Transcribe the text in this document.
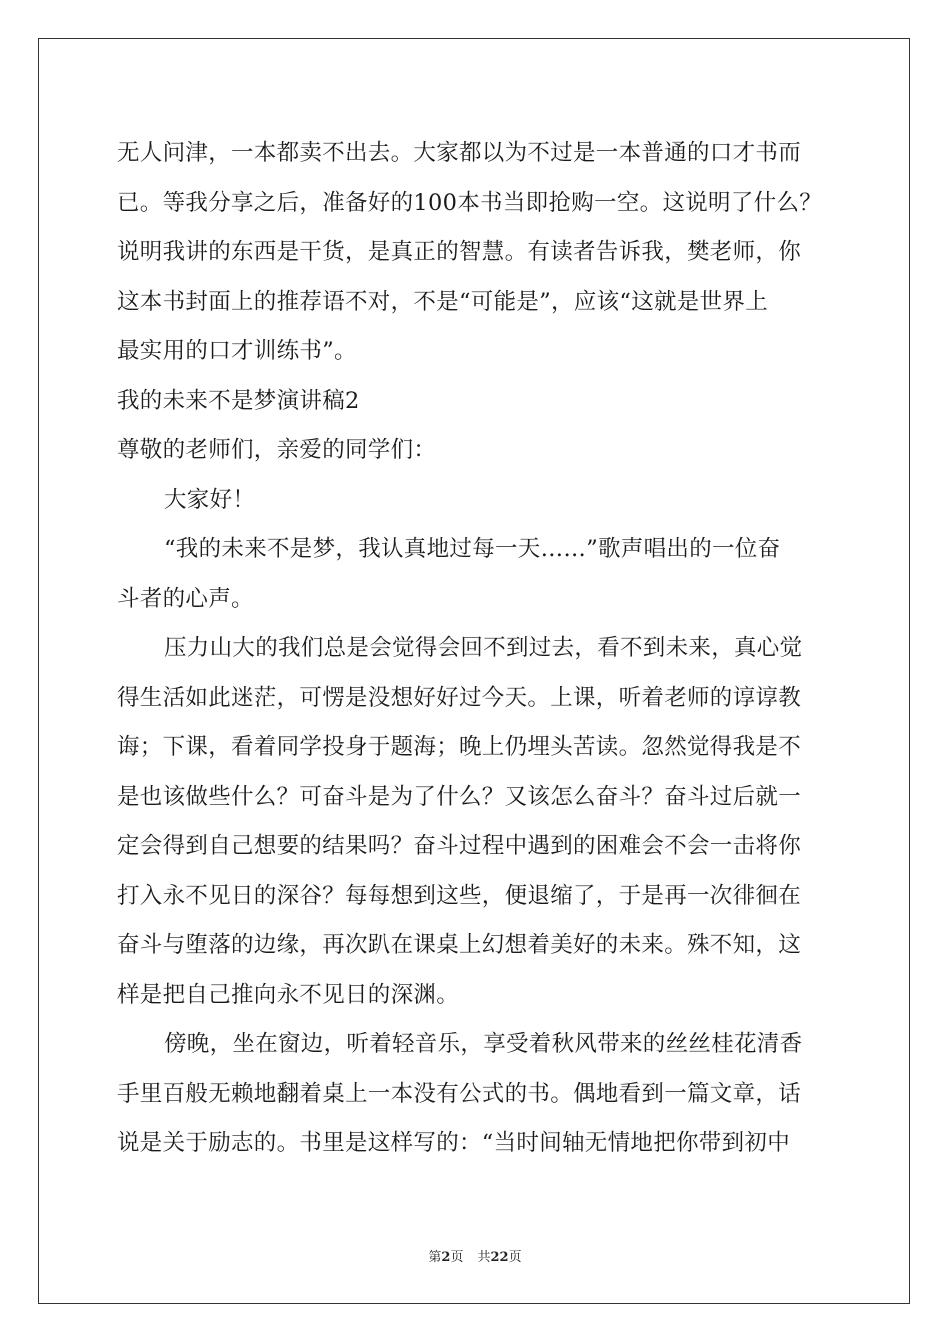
无人问津，一本都卖不出去。大家都以为不过是一本普通的口才书而
已。等我分享之后，准备好的100本书当即抢购一空。这说明了什么？
说明我讲的东西是干货，是真正的智慧。有读者告诉我，樊老师，你
这本书封面上的推荐语不对，不是“可能是”，应该“这就是世界上
最实用的口才训练书”。
我的未来不是梦演讲稿2
尊敬的老师们，亲爱的同学们：
大家好！
“我的未来不是梦，我认真地过每一天……”歌声唱出的一位奋
斗者的心声。
压力山大的我们总是会觉得会回不到过去，看不到未来，真心觉
得生活如此迷茫，可愣是没想好好过今天。上课，听着老师的谆谆教
诲；下课，看着同学投身于题海；晚上仍埋头苦读。忽然觉得我是不
是也该做些什么？可奋斗是为了什么？又该怎么奋斗？奋斗过后就一
定会得到自己想要的结果吗？奋斗过程中遇到的困难会不会一击将你
打入永不见日的深谷？每每想到这些，便退缩了，于是再一次徘徊在
奋斗与堕落的边缘，再次趴在课桌上幻想着美好的未来。殊不知，这
样是把自己推向永不见日的深渊。
傍晚，坐在窗边，听着轻音乐，享受着秋风带来的丝丝桂花清香
手里百般无赖地翻着桌上一本没有公式的书。偶地看到一篇文章，话
说是关于励志的。书里是这样写的：“当时间轴无情地把你带到初中
第2页 共22页
